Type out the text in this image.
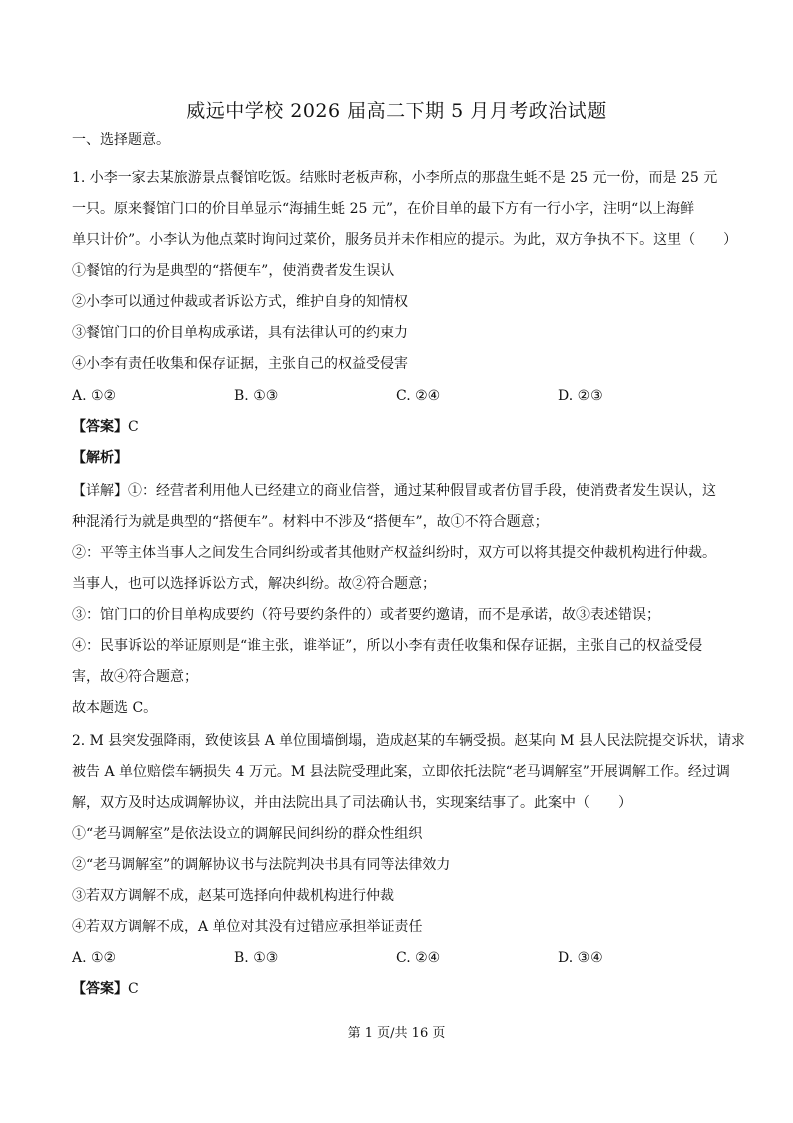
威远中学校 2026 届高二下期 5 月月考政治试题
一、选择题意。
1. 小李一家去某旅游景点餐馆吃饭。结账时老板声称，小李所点的那盘生蚝不是 25 元一份，而是 25 元
一只。原来餐馆门口的价目单显示“海捕生蚝 25 元”，在价目单的最下方有一行小字，注明“以上海鲜
单只计价”。小李认为他点菜时询问过菜价，服务员并未作相应的提示。为此，双方争执不下。这里（　　）
①餐馆的行为是典型的“搭便车”，使消费者发生误认
②小李可以通过仲裁或者诉讼方式，维护自身的知情权
③餐馆门口的价目单构成承诺，具有法律认可的约束力
④小李有责任收集和保存证据，主张自己的权益受侵害
A. ①②	B. ①③	C. ②④	D. ②③
【答案】C
【解析】
【详解】①：经营者利用他人已经建立的商业信誉，通过某种假冒或者仿冒手段，使消费者发生误认，这
种混淆行为就是典型的“搭便车”。材料中不涉及“搭便车”，故①不符合题意；
②：平等主体当事人之间发生合同纠纷或者其他财产权益纠纷时，双方可以将其提交仲裁机构进行仲裁。
当事人，也可以选择诉讼方式，解决纠纷。故②符合题意；
③：馆门口的价目单构成要约（符号要约条件的）或者要约邀请，而不是承诺，故③表述错误；
④：民事诉讼的举证原则是“谁主张，谁举证”，所以小李有责任收集和保存证据，主张自己的权益受侵
害，故④符合题意；
故本题选 C。
2. M 县突发强降雨，致使该县 A 单位围墙倒塌，造成赵某的车辆受损。赵某向 M 县人民法院提交诉状，请求
被告 A 单位赔偿车辆损失 4 万元。M 县法院受理此案，立即依托法院“老马调解室”开展调解工作。经过调
解，双方及时达成调解协议，并由法院出具了司法确认书，实现案结事了。此案中（　　）
①“老马调解室”是依法设立的调解民间纠纷的群众性组织
②“老马调解室”的调解协议书与法院判决书具有同等法律效力
③若双方调解不成，赵某可选择向仲裁机构进行仲裁
④若双方调解不成，A 单位对其没有过错应承担举证责任
A. ①②	B. ①③	C. ②④	D. ③④
【答案】C
第 1 页/共 16 页
